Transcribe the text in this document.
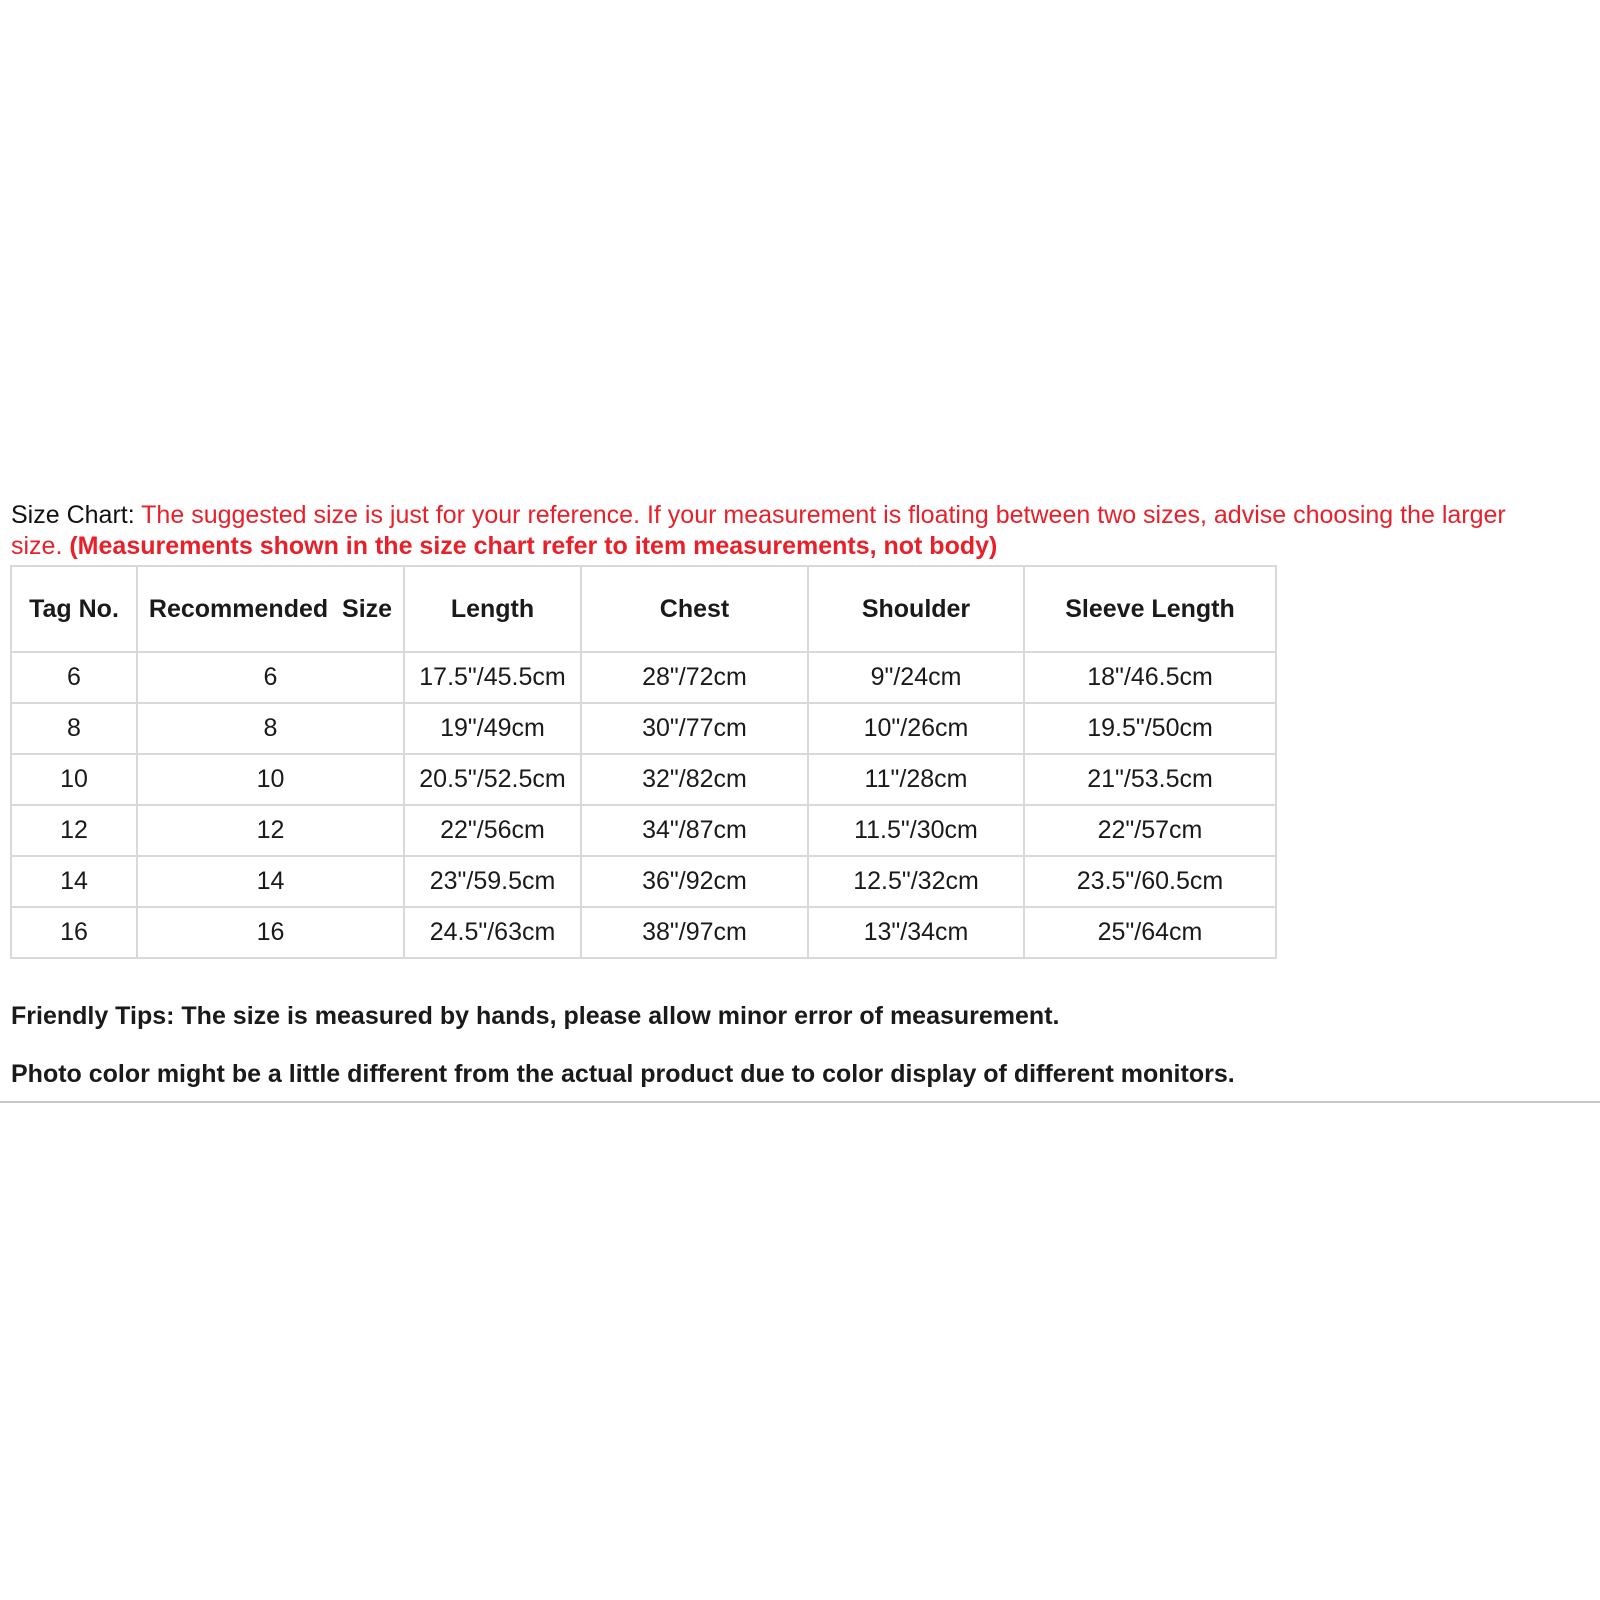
Size Chart: The suggested size is just for your reference. If your measurement is floating between two sizes, advise choosing the larger
size. (Measurements shown in the size chart refer to item measurements, not body)
Tag No.	Recommended  Size	Length	Chest	Shoulder	Sleeve Length
6	6	17.5"/45.5cm	28"/72cm	9"/24cm	18"/46.5cm
8	8	19"/49cm	30"/77cm	10"/26cm	19.5"/50cm
10	10	20.5"/52.5cm	32"/82cm	11"/28cm	21"/53.5cm
12	12	22"/56cm	34"/87cm	11.5"/30cm	22"/57cm
14	14	23"/59.5cm	36"/92cm	12.5"/32cm	23.5"/60.5cm
16	16	24.5"/63cm	38"/97cm	13"/34cm	25"/64cm
Friendly Tips: The size is measured by hands, please allow minor error of measurement.
Photo color might be a little different from the actual product due to color display of different monitors.
